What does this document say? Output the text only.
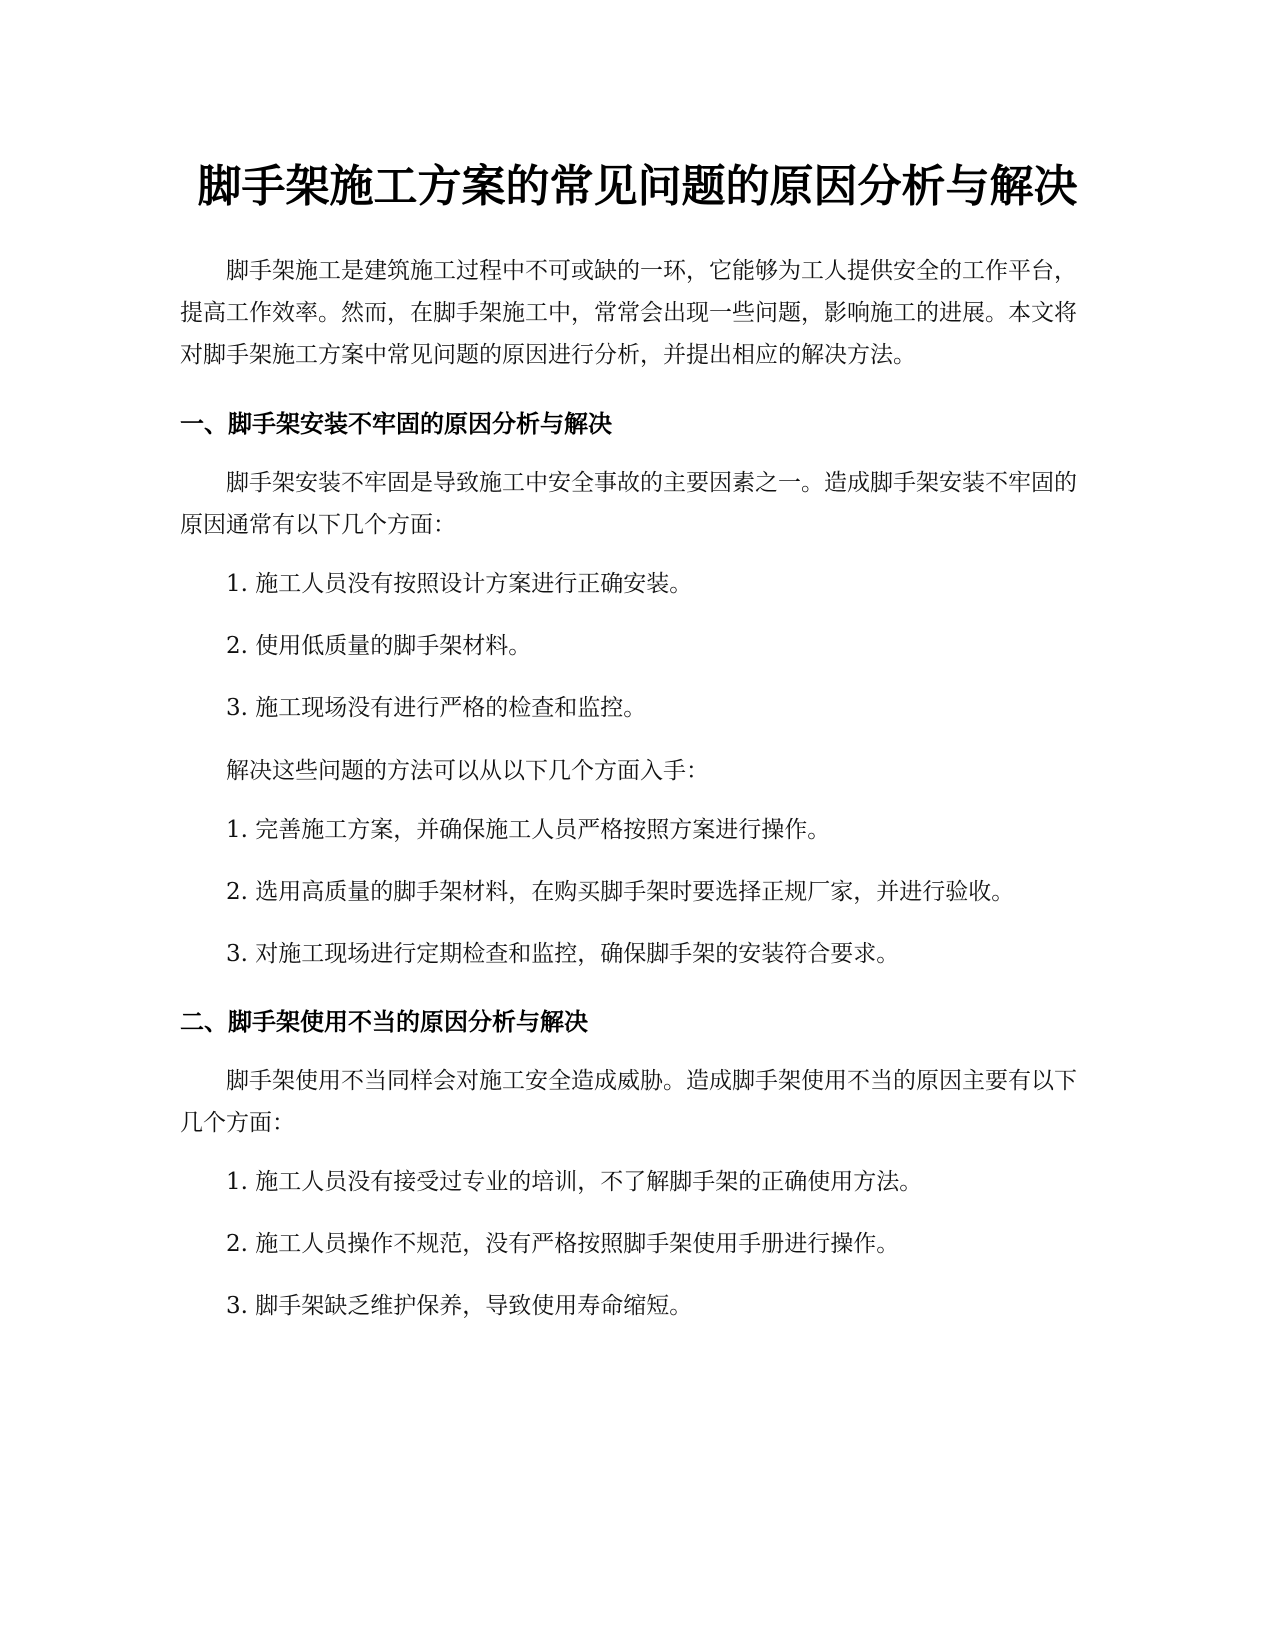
脚手架施工方案的常见问题的原因分析与解决

脚手架施工是建筑施工过程中不可或缺的一环，它能够为工人提供安全的工作平台，提高工作效率。然而，在脚手架施工中，常常会出现一些问题，影响施工的进展。本文将对脚手架施工方案中常见问题的原因进行分析，并提出相应的解决方法。

一、脚手架安装不牢固的原因分析与解决

脚手架安装不牢固是导致施工中安全事故的主要因素之一。造成脚手架安装不牢固的原因通常有以下几个方面：

1. 施工人员没有按照设计方案进行正确安装。
2. 使用低质量的脚手架材料。
3. 施工现场没有进行严格的检查和监控。

解决这些问题的方法可以从以下几个方面入手：

1. 完善施工方案，并确保施工人员严格按照方案进行操作。
2. 选用高质量的脚手架材料，在购买脚手架时要选择正规厂家，并进行验收。
3. 对施工现场进行定期检查和监控，确保脚手架的安装符合要求。
二、脚手架使用不当的原因分析与解决

脚手架使用不当同样会对施工安全造成威胁。造成脚手架使用不当的原因主要有以下几个方面：

1. 施工人员没有接受过专业的培训，不了解脚手架的正确使用方法。
2. 施工人员操作不规范，没有严格按照脚手架使用手册进行操作。
3. 脚手架缺乏维护保养，导致使用寿命缩短。
